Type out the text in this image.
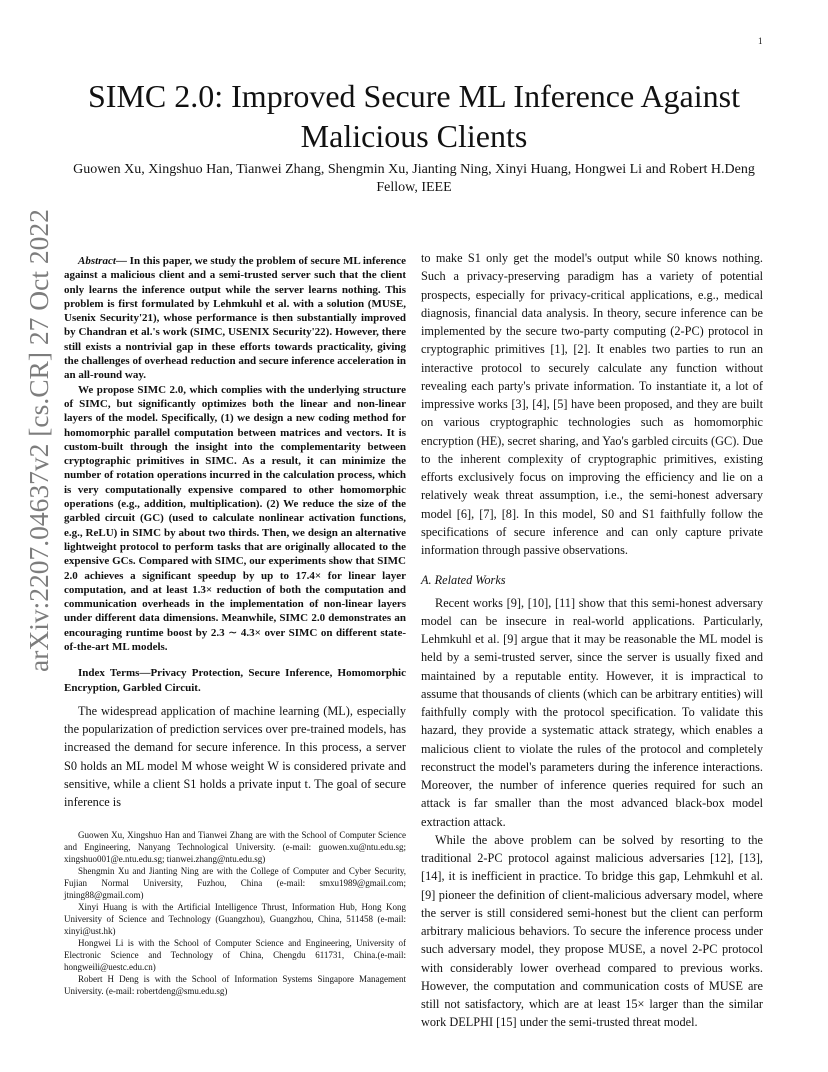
1
arXiv:2207.04637v2 [cs.CR] 27 Oct 2022
SIMC 2.0: Improved Secure ML Inference Against Malicious Clients
Guowen Xu, Xingshuo Han, Tianwei Zhang, Shengmin Xu, Jianting Ning, Xinyi Huang, Hongwei Li and Robert H.Deng Fellow, IEEE

Abstract— In this paper, we study the problem of secure ML inference against a malicious client and a semi-trusted server such that the client only learns the inference output while the server learns nothing. This problem is first formulated by Lehmkuhl et al. with a solution (MUSE, Usenix Security'21), whose performance is then substantially improved by Chandran et al.'s work (SIMC, USENIX Security'22). However, there still exists a nontrivial gap in these efforts towards practicality, giving the challenges of overhead reduction and secure inference acceleration in an all-round way.

We propose SIMC 2.0, which complies with the underlying structure of SIMC, but significantly optimizes both the linear and non-linear layers of the model. Specifically, (1) we design a new coding method for homomorphic parallel computation between matrices and vectors. It is custom-built through the insight into the complementarity between cryptographic primitives in SIMC. As a result, it can minimize the number of rotation operations incurred in the calculation process, which is very computationally expensive compared to other homomorphic operations (e.g., addition, multiplication). (2) We reduce the size of the garbled circuit (GC) (used to calculate nonlinear activation functions, e.g., ReLU) in SIMC by about two thirds. Then, we design an alternative lightweight protocol to perform tasks that are originally allocated to the expensive GCs. Compared with SIMC, our experiments show that SIMC 2.0 achieves a significant speedup by up to 17.4× for linear layer computation, and at least 1.3× reduction of both the computation and communication overheads in the implementation of non-linear layers under different data dimensions. Meanwhile, SIMC 2.0 demonstrates an encouraging runtime boost by 2.3 ∼ 4.3× over SIMC on different state-of-the-art ML models.

Index Terms—Privacy Protection, Secure Inference, Homomorphic Encryption, Garbled Circuit.

The widespread application of machine learning (ML), especially the popularization of prediction services over pre-trained models, has increased the demand for secure inference. In this process, a server S0 holds an ML model M whose weight W is considered private and sensitive, while a client S1 holds a private input t. The goal of secure inference is

Guowen Xu, Xingshuo Han and Tianwei Zhang are with the School of Computer Science and Engineering, Nanyang Technological University. (e-mail: guowen.xu@ntu.edu.sg; xingshuo001@e.ntu.edu.sg; tianwei.zhang@ntu.edu.sg)

Shengmin Xu and Jianting Ning are with the College of Computer and Cyber Security, Fujian Normal University, Fuzhou, China (e-mail: smxu1989@gmail.com; jtning88@gmail.com)

Xinyi Huang is with the Artificial Intelligence Thrust, Information Hub, Hong Kong University of Science and Technology (Guangzhou), Guangzhou, China, 511458 (e-mail: xinyi@ust.hk)

Hongwei Li is with the School of Computer Science and Engineering, University of Electronic Science and Technology of China, Chengdu 611731, China.(e-mail: hongweili@uestc.edu.cn)

Robert H Deng is with the School of Information Systems Singapore Management University. (e-mail: robertdeng@smu.edu.sg)

to make S1 only get the model's output while S0 knows nothing. Such a privacy-preserving paradigm has a variety of potential prospects, especially for privacy-critical applications, e.g., medical diagnosis, financial data analysis. In theory, secure inference can be implemented by the secure two-party computing (2-PC) protocol in cryptographic primitives [1], [2]. It enables two parties to run an interactive protocol to securely calculate any function without revealing each party's private information. To instantiate it, a lot of impressive works [3], [4], [5] have been proposed, and they are built on various cryptographic technologies such as homomorphic encryption (HE), secret sharing, and Yao's garbled circuits (GC). Due to the inherent complexity of cryptographic primitives, existing efforts exclusively focus on improving the efficiency and lie on a relatively weak threat assumption, i.e., the semi-honest adversary model [6], [7], [8]. In this model, S0 and S1 faithfully follow the specifications of secure inference and can only capture private information through passive observations.

A. Related Works

Recent works [9], [10], [11] show that this semi-honest adversary model can be insecure in real-world applications. Particularly, Lehmkuhl et al. [9] argue that it may be reasonable the ML model is held by a semi-trusted server, since the server is usually fixed and maintained by a reputable entity. However, it is impractical to assume that thousands of clients (which can be arbitrary entities) will faithfully comply with the protocol specification. To validate this hazard, they provide a systematic attack strategy, which enables a malicious client to violate the rules of the protocol and completely reconstruct the model's parameters during the inference interactions. Moreover, the number of inference queries required for such an attack is far smaller than the most advanced black-box model extraction attack.

While the above problem can be solved by resorting to the traditional 2-PC protocol against malicious adversaries [12], [13], [14], it is inefficient in practice. To bridge this gap, Lehmkuhl et al. [9] pioneer the definition of client-malicious adversary model, where the server is still considered semi-honest but the client can perform arbitrary malicious behaviors. To secure the inference process under such adversary model, they propose MUSE, a novel 2-PC protocol with considerably lower overhead compared to previous works. However, the computation and communication costs of MUSE are still not satisfactory, which are at least 15× larger than the similar work DELPHI [15] under the semi-trusted threat model.
